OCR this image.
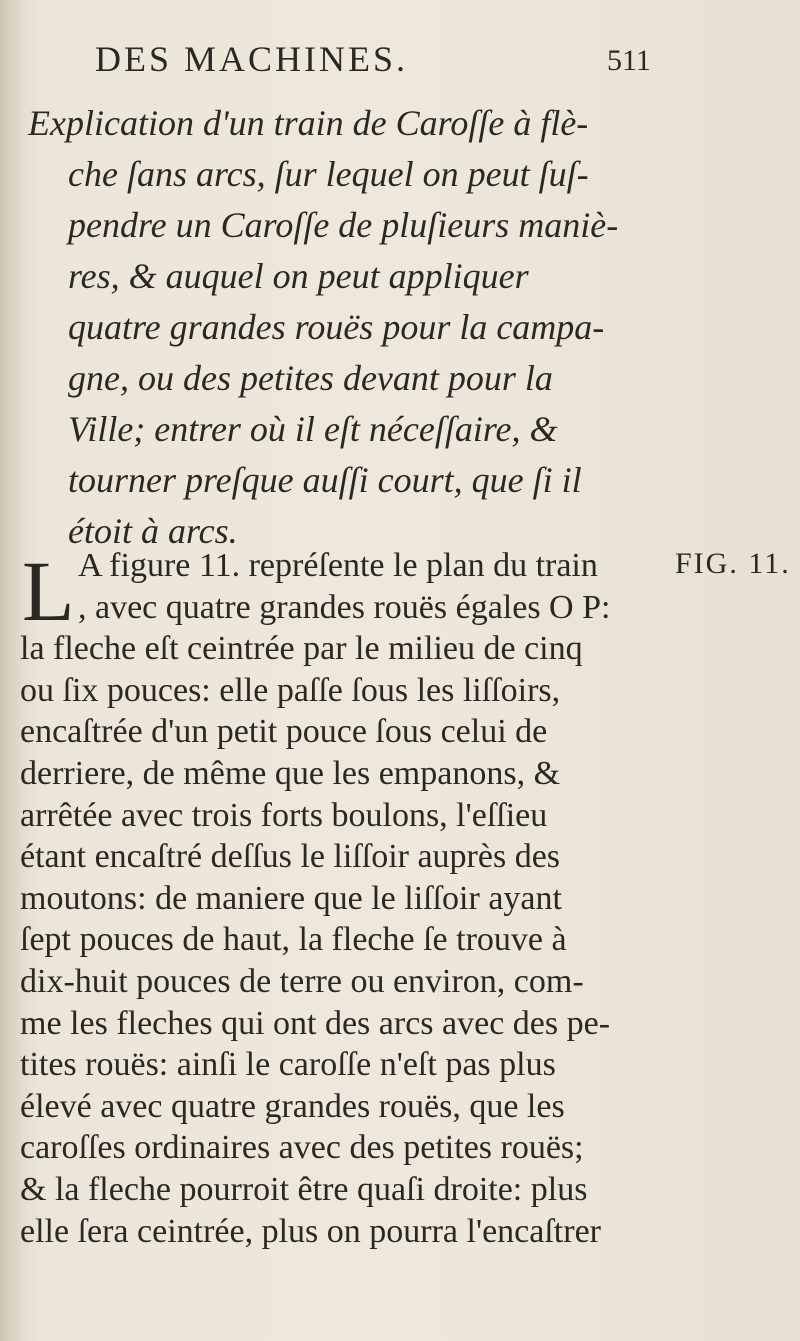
DES MACHINES.	511
Explication d'un train de Caroſſe à flè-
che ſans arcs, ſur lequel on peut ſuſ-
pendre un Caroſſe de pluſieurs maniè-
res, & auquel on peut appliquer
quatre grandes rouës pour la campa-
gne, ou des petites devant pour la
Ville; entrer où il eſt néceſſaire, &
tourner preſque auſſi court, que ſi il
étoit à arcs.
L	FIG. 11.
A figure 11. repréſente le plan du train
, avec quatre grandes rouës égales O P:
la fleche eſt ceintrée par le milieu de cinq
ou ſix pouces: elle paſſe ſous les liſſoirs,
encaſtrée d'un petit pouce ſous celui de
derriere, de même que les empanons, &
arrêtée avec trois forts boulons, l'eſſieu
étant encaſtré deſſus le liſſoir auprès des
moutons: de maniere que le liſſoir ayant
ſept pouces de haut, la fleche ſe trouve à
dix-huit pouces de terre ou environ, com-
me les fleches qui ont des arcs avec des pe-
tites rouës: ainſi le caroſſe n'eſt pas plus
élevé avec quatre grandes rouës, que les
caroſſes ordinaires avec des petites rouës;
& la fleche pourroit être quaſi droite: plus
elle ſera ceintrée, plus on pourra l'encaſtrer
